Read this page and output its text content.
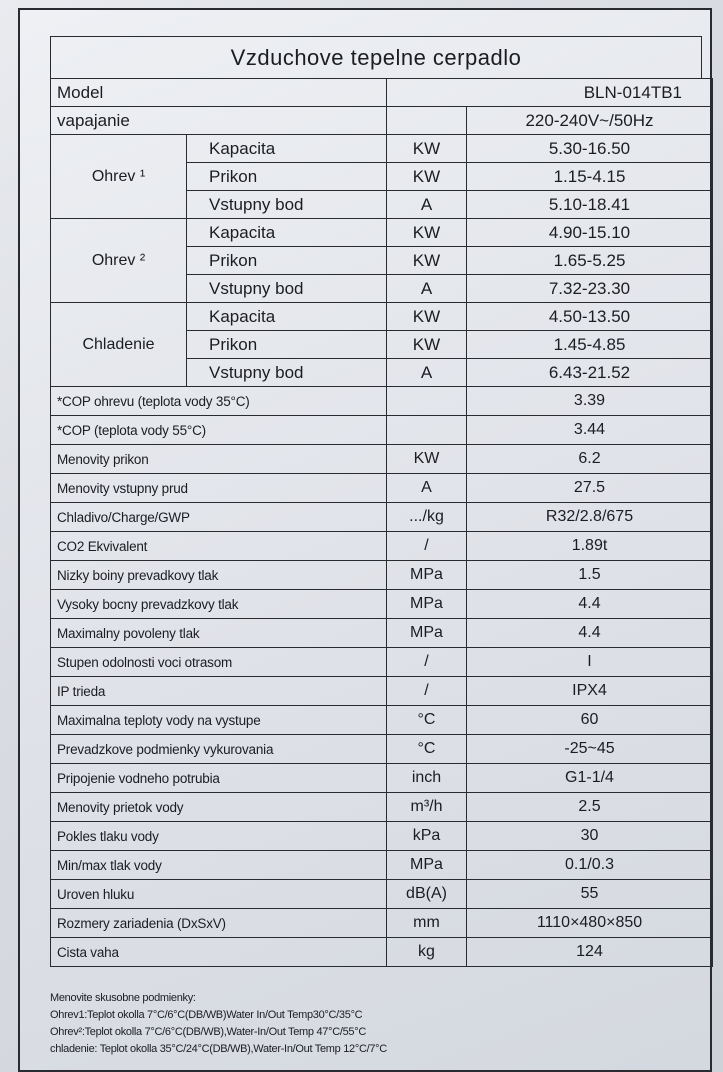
Vzduchove tepelne cerpadlo
Model		BLN-014TB1	
vapajanie			220-240V~/50Hz
Ohrev ¹	Kapacita	KW	5.30-16.50
	Prikon	KW	1.15-4.15
	Vstupny bod	A	5.10-18.41
Ohrev ²	Kapacita	KW	4.90-15.10
	Prikon	KW	1.65-5.25
	Vstupny bod	A	7.32-23.30
Chladenie	Kapacita	KW	4.50-13.50
	Prikon	KW	1.45-4.85
	Vstupny bod	A	6.43-21.52
*COP ohrevu (teplota vody 35°C)			3.39
*COP (teplota vody 55°C)			3.44
Menovity prikon		KW	6.2
Menovity vstupny prud		A	27.5
Chladivo/Charge/GWP		.../kg	R32/2.8/675
CO2 Ekvivalent		/	1.89t
Nizky boiny prevadkovy tlak		MPa	1.5
Vysoky bocny prevadzkovy tlak		MPa	4.4
Maximalny povoleny tlak		MPa	4.4
Stupen odolnosti voci otrasom		/	I
IP trieda		/	IPX4
Maximalna teploty vody na vystupe		°C	60
Prevadzkove podmienky vykurovania		°C	-25~45
Pripojenie vodneho potrubia		inch	G1-1/4
Menovity prietok vody		m³/h	2.5
Pokles tlaku vody		kPa	30
Min/max tlak vody		MPa	0.1/0.3
Uroven hluku		dB(A)	55
Rozmery zariadenia (DxSxV)		mm	1110×480×850
Cista vaha		kg	124
Menovite skusobne podmienky:
Ohrev1:Teplot okolla 7°C/6°C(DB/WB)Water In/Out Temp30°C/35°C
Ohrev²:Teplot okolla 7°C/6°C(DB/WB),Water-In/Out Temp 47°C/55°C
chladenie: Teplot okolla 35°C/24°C(DB/WB),Water-In/Out Temp 12°C/7°C
